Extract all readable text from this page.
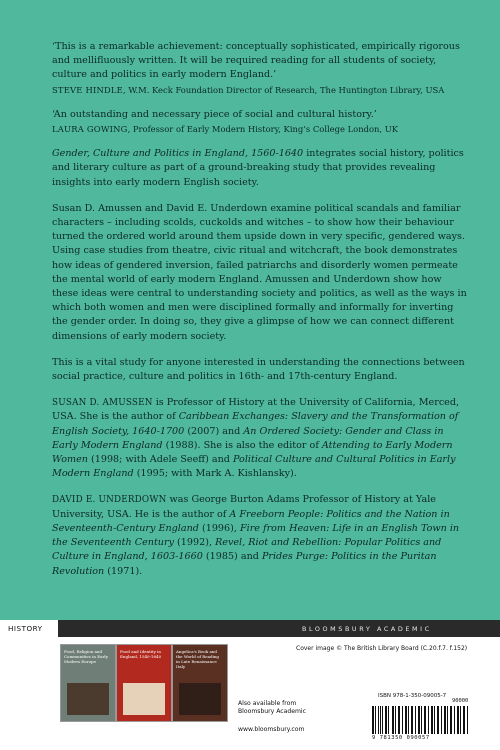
‘This is a remarkable achievement: conceptually sophisticated, empirically rigorous and mellifluously written. It will be required reading for all students of society, culture and politics in early modern England.’

STEVE HINDLE, W.M. Keck Foundation Director of Research, The Huntington Library, USA

‘An outstanding and necessary piece of social and cultural history.’

LAURA GOWING, Professor of Early Modern History, King’s College London, UK

Gender, Culture and Politics in England, 1560-1640 integrates social history, politics and literary culture as part of a ground-breaking study that provides revealing insights into early modern English society.

Susan D. Amussen and David E. Underdown examine political scandals and familiar characters – including scolds, cuckolds and witches – to show how their behaviour turned the ordered world around them upside down in very specific, gendered ways. Using case studies from theatre, civic ritual and witchcraft, the book demonstrates how ideas of gendered inversion, failed patriarchs and disorderly women permeate the mental world of early modern England. Amussen and Underdown show how these ideas were central to understanding society and politics, as well as the ways in which both women and men were disciplined formally and informally for inverting the gender order. In doing so, they give a glimpse of how we can connect different dimensions of early modern society.

This is a vital study for anyone interested in understanding the connections between social practice, culture and politics in 16th- and 17th-century England.

SUSAN D. AMUSSEN is Professor of History at the University of California, Merced, USA. She is the author of Caribbean Exchanges: Slavery and the Transformation of English Society, 1640-1700 (2007) and An Ordered Society: Gender and Class in Early Modern England (1988). She is also the editor of Attending to Early Modern Women (1998; with Adele Seeff) and Political Culture and Cultural Politics in Early Modern England (1995; with Mark A. Kishlansky).

DAVID E. UNDERDOWN was George Burton Adams Professor of History at Yale University, USA. He is the author of A Freeborn People: Politics and the Nation in Seventeenth-Century England (1996), Fire from Heaven: Life in an English Town in the Seventeenth Century (1992), Revel, Riot and Rebellion: Popular Politics and Culture in England, 1603-1660 (1985) and Prides Purge: Politics in the Puritan Revolution (1971).

HISTORY	BLOOMSBURY ACADEMIC
Food, Religion and Communities in Early Modern Europe
Food and Identity in England, 1540-1640
Angelica's Book and the World of Reading in Late Renaissance Italy
Also available from
Bloomsbury Academic
www.bloomsbury.com
Cover image © The British Library Board (C.20.f.7. f.152)
ISBN 978-1-350-09005-7
90000
9 781350 090057
